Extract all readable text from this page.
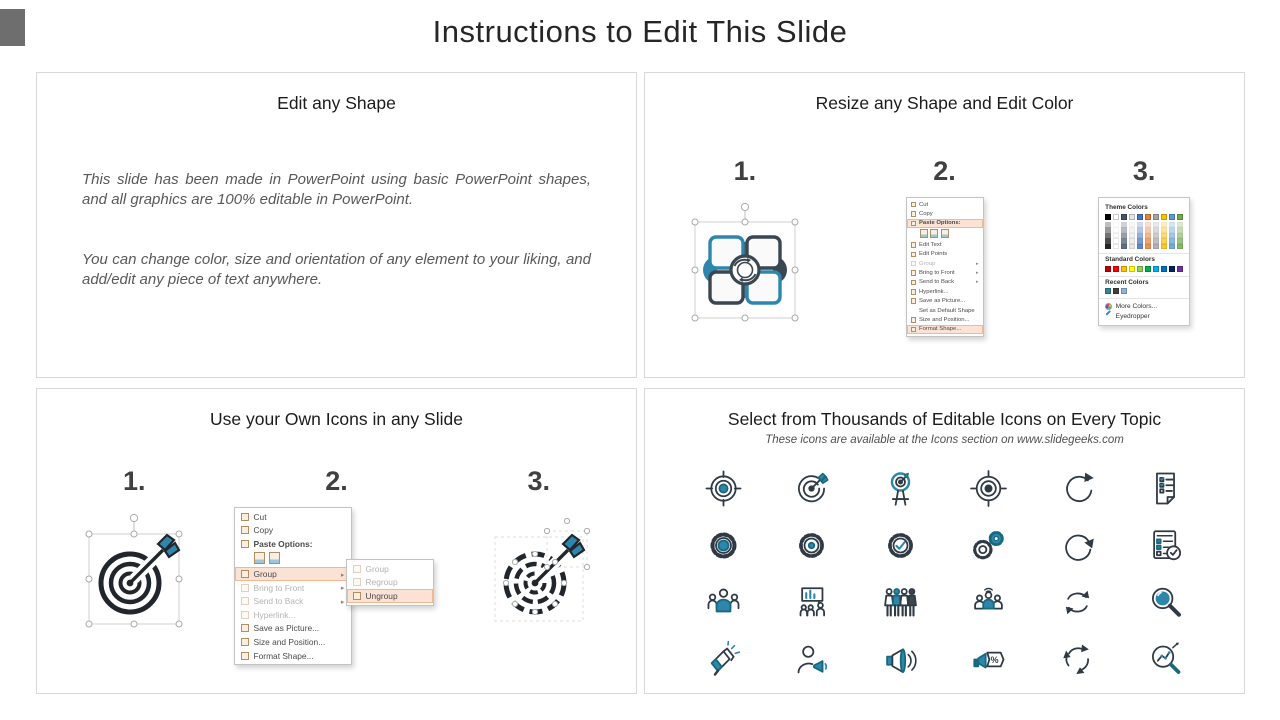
Instructions to Edit This Slide
Edit any Shape

This slide has been made in PowerPoint using basic PowerPoint shapes, and all graphics are 100% editable in PowerPoint.

You can change color, size and orientation of any element to your liking, and add/edit any piece of text anywhere.

Resize any Shape and Edit Color
1.	2.
Cut
Copy
Paste Options:
Edit Text
Edit Points
Group	▸
Bring to Front	▸
Send to Back	▸
Hyperlink...
Save as Picture...
Set as Default Shape
Size and Position...
Format Shape...
3.
Theme Colors
Standard Colors
Recent Colors
More Colors...
Eyedropper
Use your Own Icons in any Slide
1.	2.
Cut
Copy
Paste Options:
Group	▸
Bring to Front	▸
Send to Back	▸
Hyperlink...
Save as Picture...
Size and Position...
Format Shape...
Group
Regroup
Ungroup
3.
Select from Thousands of Editable Icons on Every Topic
These icons are available at the Icons section on www.slidegeeks.com
%
